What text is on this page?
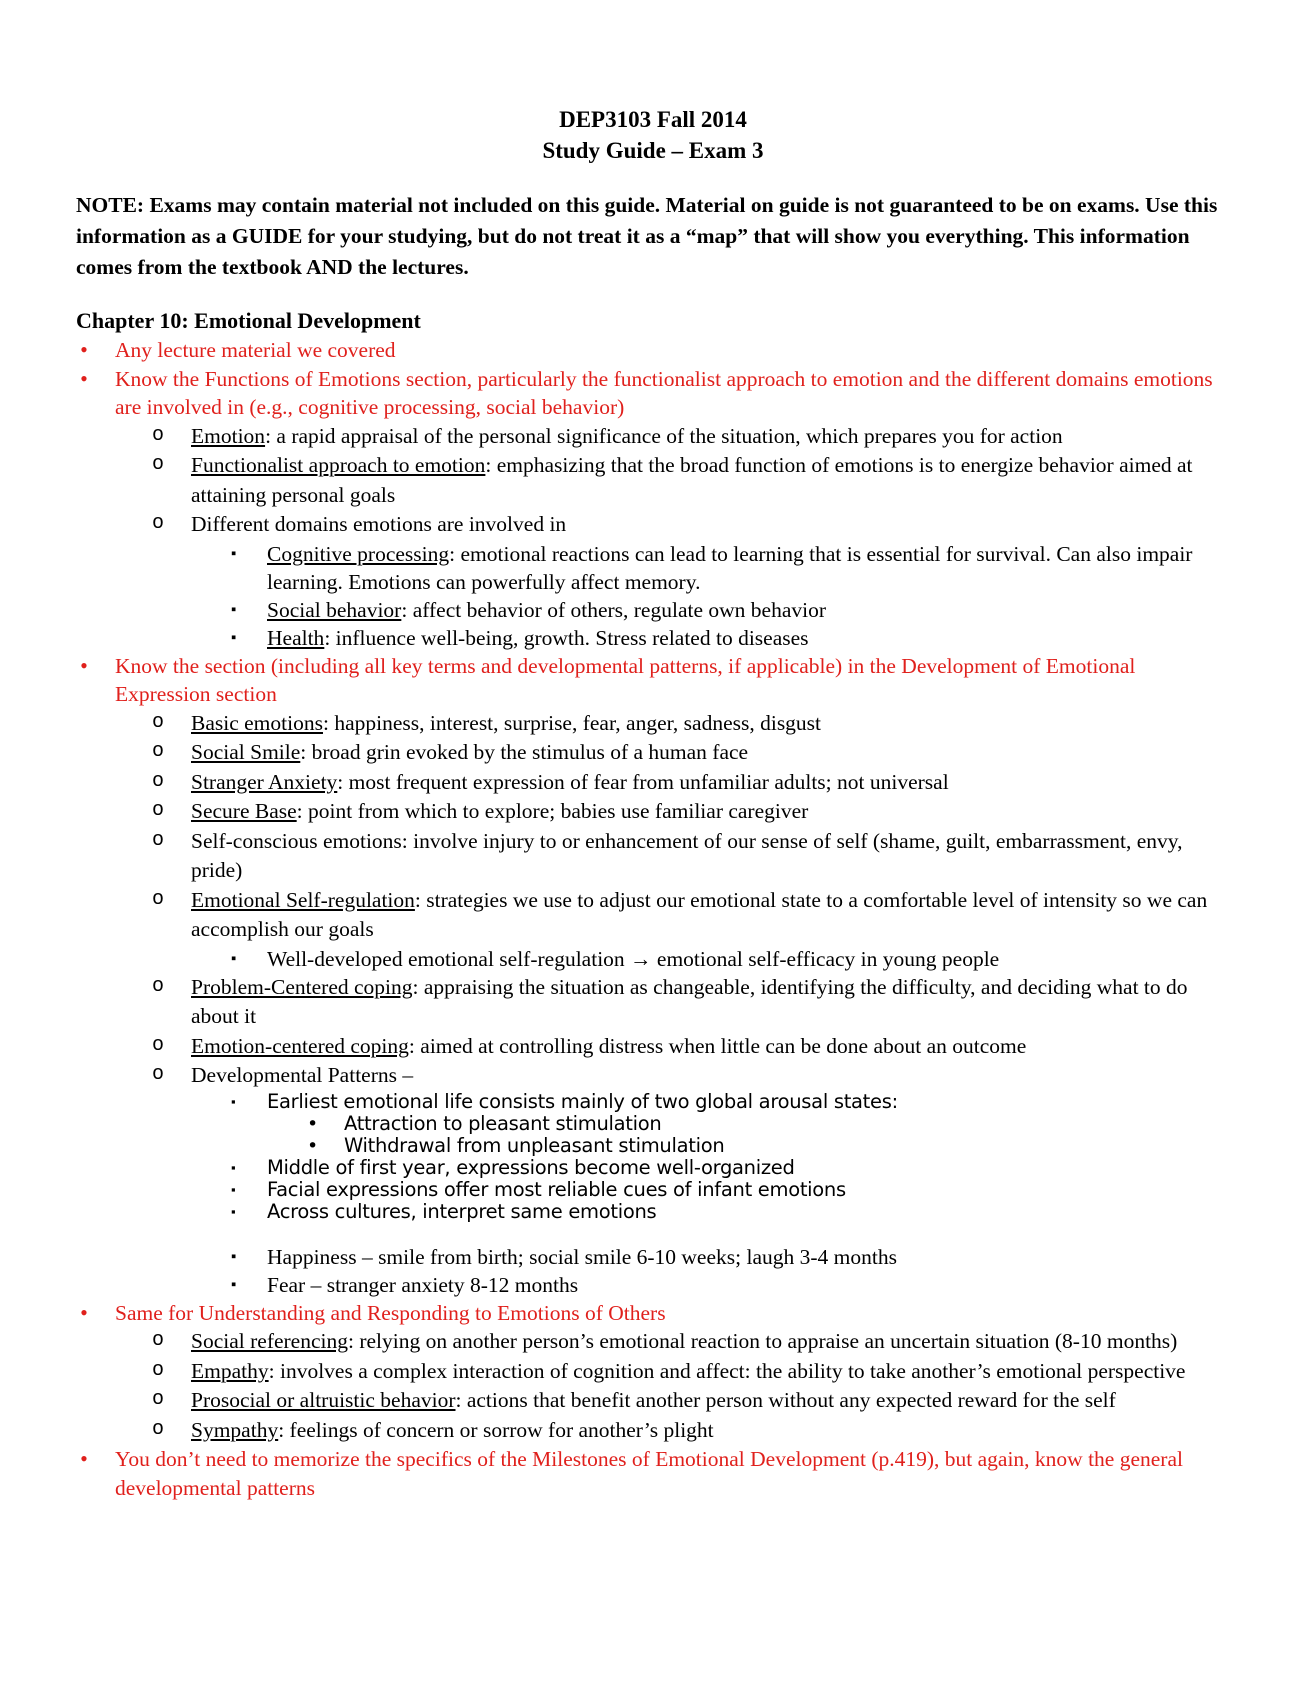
DEP3103 Fall 2014
Study Guide – Exam 3
NOTE: Exams may contain material not included on this guide. Material on guide is not guaranteed to be on exams. Use this information as a GUIDE for your studying, but do not treat it as a “map” that will show you everything. This information comes from the textbook AND the lectures.
Chapter 10: Emotional Development
• Any lecture material we covered
• Know the Functions of Emotions section, particularly the functionalist approach to emotion and the different domains emotions are involved in (e.g., cognitive processing, social behavior)
o Emotion: a rapid appraisal of the personal significance of the situation, which prepares you for action
o Functionalist approach to emotion: emphasizing that the broad function of emotions is to energize behavior aimed at attaining personal goals
o Different domains emotions are involved in
▪ Cognitive processing: emotional reactions can lead to learning that is essential for survival. Can also impair learning. Emotions can powerfully affect memory.
▪ Social behavior: affect behavior of others, regulate own behavior
▪ Health: influence well-being, growth. Stress related to diseases
• Know the section (including all key terms and developmental patterns, if applicable) in the Development of Emotional Expression section
o Basic emotions: happiness, interest, surprise, fear, anger, sadness, disgust
o Social Smile: broad grin evoked by the stimulus of a human face
o Stranger Anxiety: most frequent expression of fear from unfamiliar adults; not universal
o Secure Base: point from which to explore; babies use familiar caregiver
o Self-conscious emotions: involve injury to or enhancement of our sense of self (shame, guilt, embarrassment, envy, pride)
o Emotional Self-regulation: strategies we use to adjust our emotional state to a comfortable level of intensity so we can accomplish our goals
▪ Well-developed emotional self-regulation → emotional self-efficacy in young people
o Problem-Centered coping: appraising the situation as changeable, identifying the difficulty, and deciding what to do about it
o Emotion-centered coping: aimed at controlling distress when little can be done about an outcome
o Developmental Patterns –
▪ Earliest emotional life consists mainly of two global arousal states:
• Attraction to pleasant stimulation
• Withdrawal from unpleasant stimulation
▪ Middle of first year, expressions become well-organized
▪ Facial expressions offer most reliable cues of infant emotions
▪ Across cultures, interpret same emotions
▪ Happiness – smile from birth; social smile 6-10 weeks; laugh 3-4 months
▪ Fear – stranger anxiety 8-12 months
• Same for Understanding and Responding to Emotions of Others
o Social referencing: relying on another person’s emotional reaction to appraise an uncertain situation (8-10 months)
o Empathy: involves a complex interaction of cognition and affect: the ability to take another’s emotional perspective
o Prosocial or altruistic behavior: actions that benefit another person without any expected reward for the self
o Sympathy: feelings of concern or sorrow for another’s plight
• You don’t need to memorize the specifics of the Milestones of Emotional Development (p.419), but again, know the general developmental patterns
